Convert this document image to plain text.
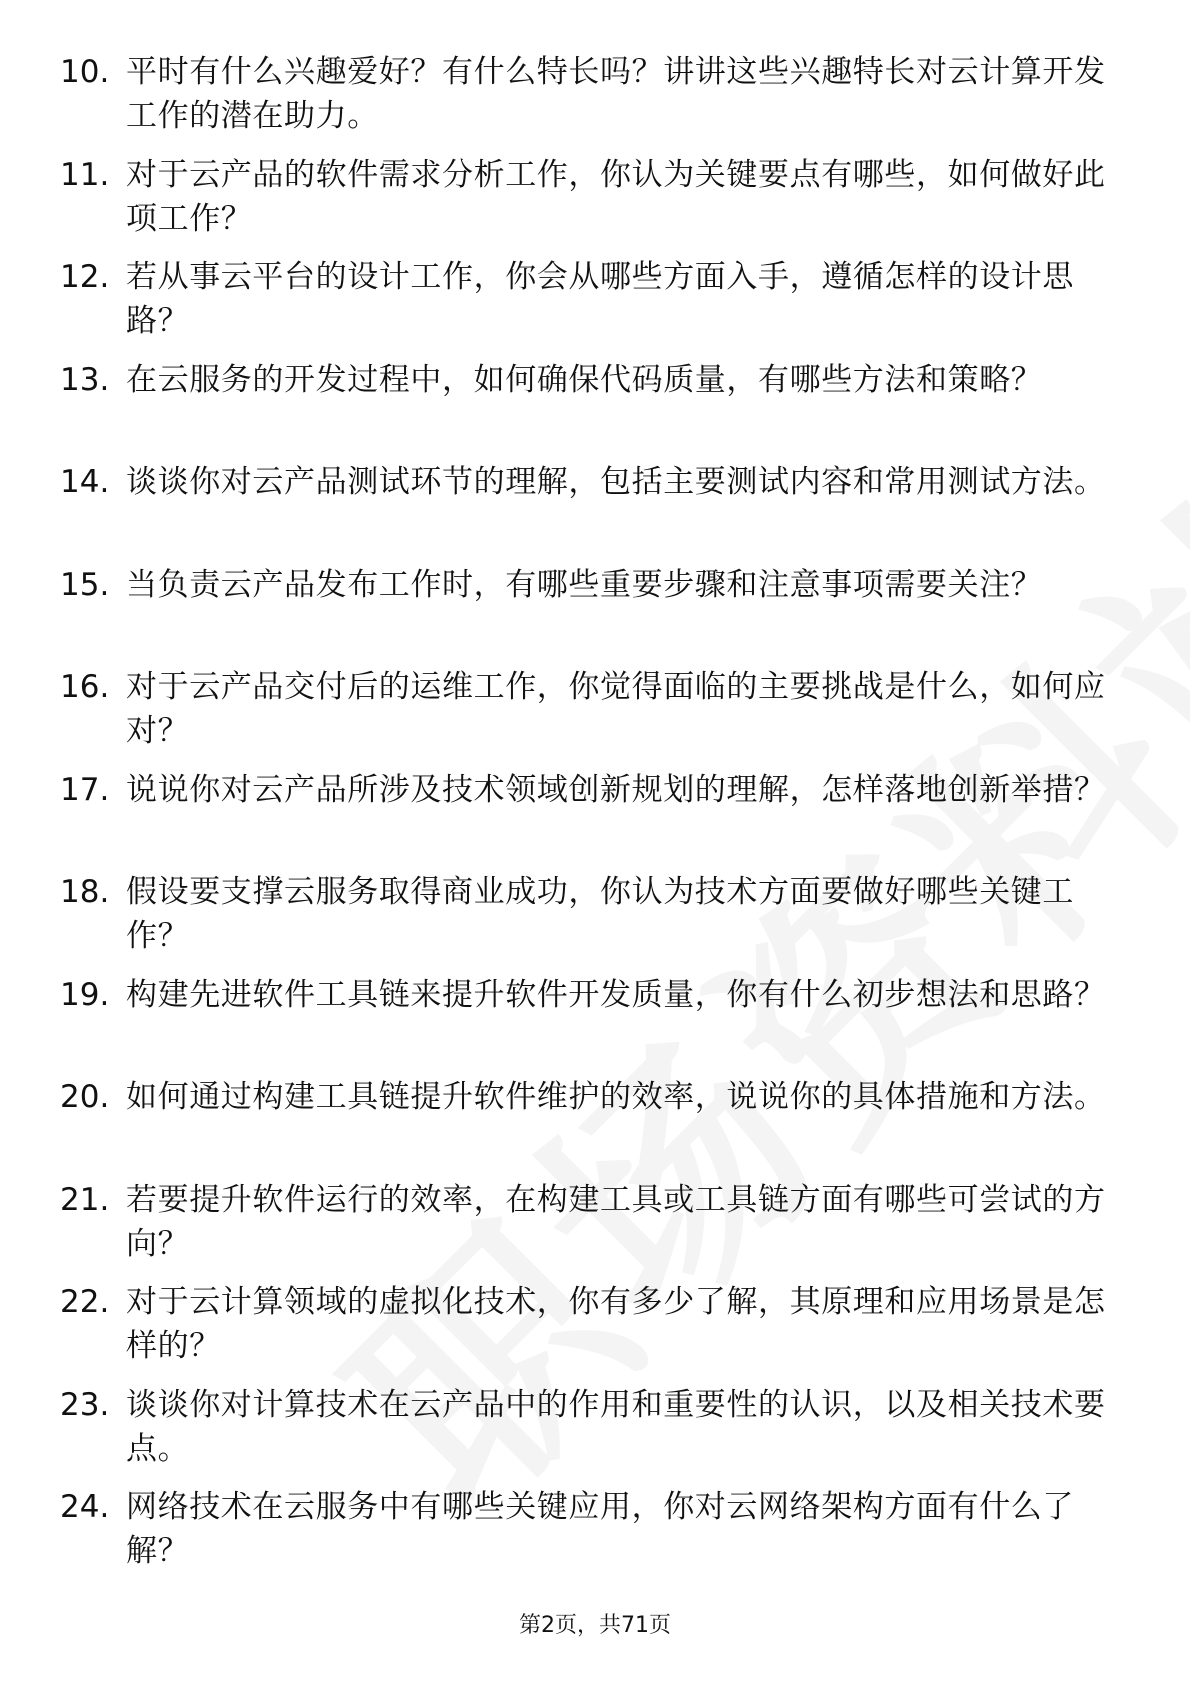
10. 平时有什么兴趣爱好？有什么特长吗？讲讲这些兴趣特长对云计算开发工作的潜在助力。
11. 对于云产品的软件需求分析工作，你认为关键要点有哪些，如何做好此项工作？
12. 若从事云平台的设计工作，你会从哪些方面入手，遵循怎样的设计思路？
13. 在云服务的开发过程中，如何确保代码质量，有哪些方法和策略？
14. 谈谈你对云产品测试环节的理解，包括主要测试内容和常用测试方法。
15. 当负责云产品发布工作时，有哪些重要步骤和注意事项需要关注？
16. 对于云产品交付后的运维工作，你觉得面临的主要挑战是什么，如何应对？
17. 说说你对云产品所涉及技术领域创新规划的理解，怎样落地创新举措？
18. 假设要支撑云服务取得商业成功，你认为技术方面要做好哪些关键工作？
19. 构建先进软件工具链来提升软件开发质量，你有什么初步想法和思路？
20. 如何通过构建工具链提升软件维护的效率，说说你的具体措施和方法。
21. 若要提升软件运行的效率，在构建工具或工具链方面有哪些可尝试的方向？
22. 对于云计算领域的虚拟化技术，你有多少了解，其原理和应用场景是怎样的？
23. 谈谈你对计算技术在云产品中的作用和重要性的认识，以及相关技术要点。
24. 网络技术在云服务中有哪些关键应用，你对云网络架构方面有什么了解？
第2页，共71页
